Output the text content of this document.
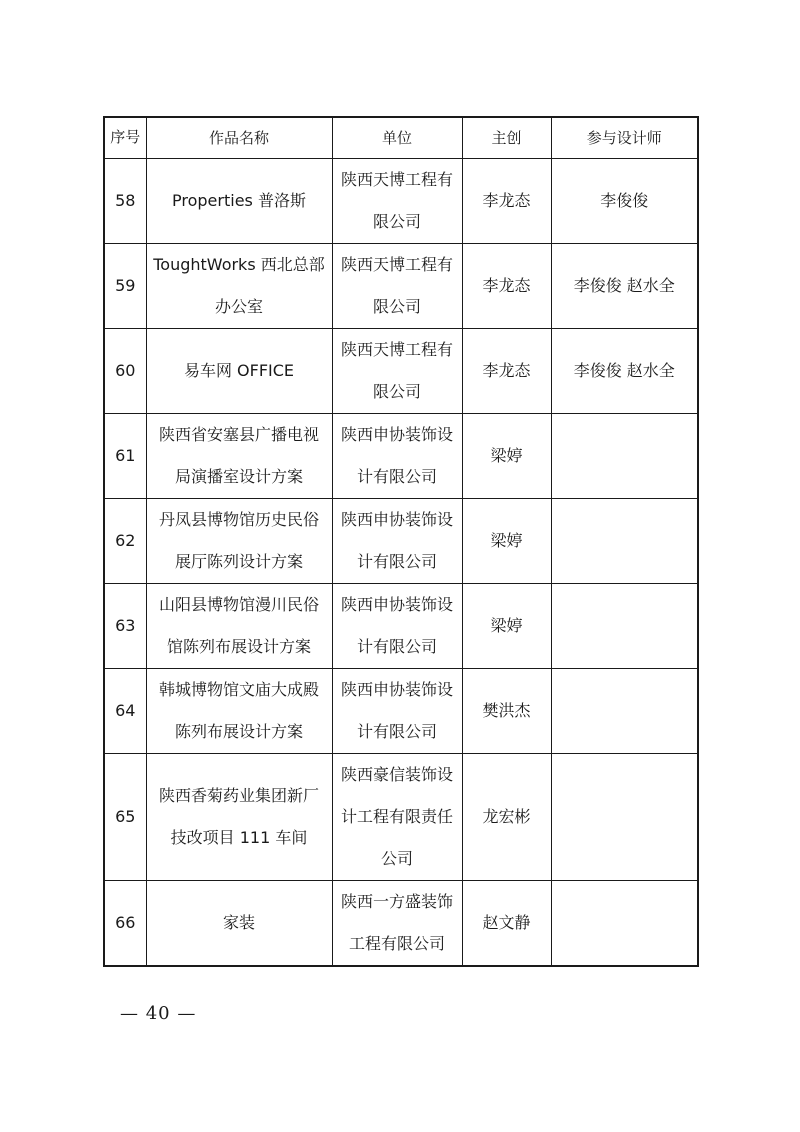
序号	作品名称	单位	主创	参与设计师
58	Properties 普洛斯	陕西天博工程有限公司	李龙态	李俊俊
59	ToughtWorks 西北总部办公室	陕西天博工程有限公司	李龙态	李俊俊 赵水全
60	易车网 OFFICE	陕西天博工程有限公司	李龙态	李俊俊 赵水全
61	陕西省安塞县广播电视局演播室设计方案	陕西申协装饰设计有限公司	梁婷	
62	丹凤县博物馆历史民俗展厅陈列设计方案	陕西申协装饰设计有限公司	梁婷	
63	山阳县博物馆漫川民俗馆陈列布展设计方案	陕西申协装饰设计有限公司	梁婷	
64	韩城博物馆文庙大成殿陈列布展设计方案	陕西申协装饰设计有限公司	樊洪杰	
65	陕西香菊药业集团新厂技改项目 111 车间	陕西豪信装饰设计工程有限责任公司	龙宏彬	
66	家装	陕西一方盛装饰工程有限公司	赵文静	
— 40 —
